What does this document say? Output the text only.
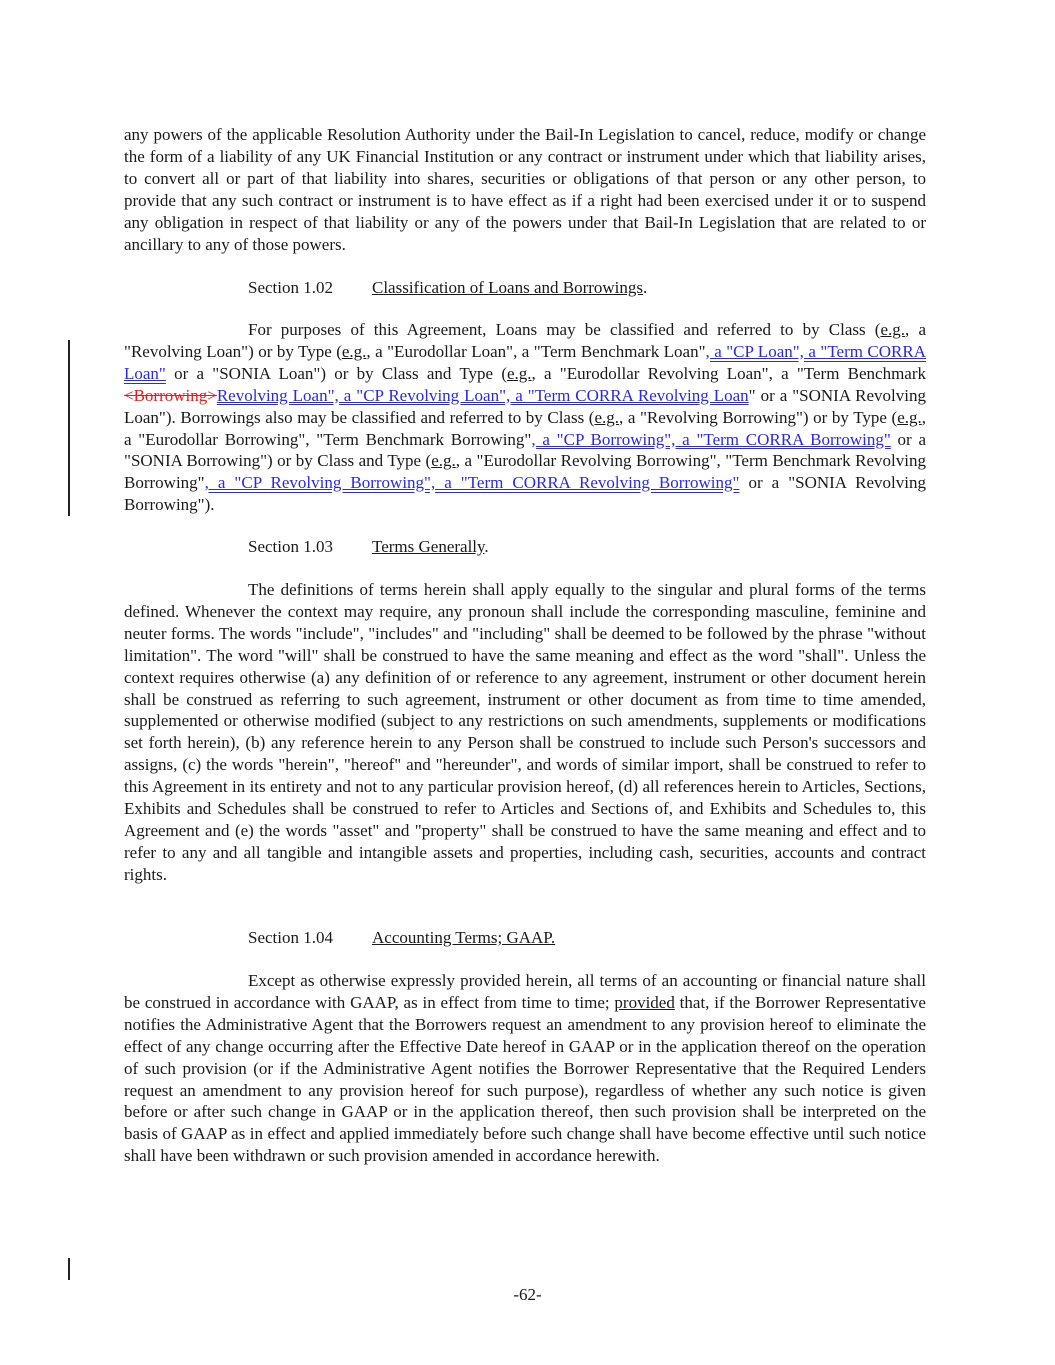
any powers of the applicable Resolution Authority under the Bail-In Legislation to cancel, reduce, modify or change the form of a liability of any UK Financial Institution or any contract or instrument under which that liability arises, to convert all or part of that liability into shares, securities or obligations of that person or any other person, to provide that any such contract or instrument is to have effect as if a right had been exercised under it or to suspend any obligation in respect of that liability or any of the powers under that Bail-In Legislation that are related to or ancillary to any of those powers.

Section 1.02 Classification of Loans and Borrowings.

For purposes of this Agreement, Loans may be classified and referred to by Class (e.g., a "Revolving Loan") or by Type (e.g., a "Eurodollar Loan", a "Term Benchmark Loan", a "CP Loan", a "Term CORRA Loan" or a "SONIA Loan") or by Class and Type (e.g., a "Eurodollar Revolving Loan", a "Term Benchmark <Borrowing>Revolving Loan", a "CP Revolving Loan", a "Term CORRA Revolving Loan" or a "SONIA Revolving Loan"). Borrowings also may be classified and referred to by Class (e.g., a "Revolving Borrowing") or by Type (e.g., a "Eurodollar Borrowing", "Term Benchmark Borrowing", a "CP Borrowing", a "Term CORRA Borrowing" or a "SONIA Borrowing") or by Class and Type (e.g., a "Eurodollar Revolving Borrowing", "Term Benchmark Revolving Borrowing", a "CP Revolving Borrowing", a "Term CORRA Revolving Borrowing" or a "SONIA Revolving Borrowing").

Section 1.03 Terms Generally.

The definitions of terms herein shall apply equally to the singular and plural forms of the terms defined. Whenever the context may require, any pronoun shall include the corresponding masculine, feminine and neuter forms. The words "include", "includes" and "including" shall be deemed to be followed by the phrase "without limitation". The word "will" shall be construed to have the same meaning and effect as the word "shall". Unless the context requires otherwise (a) any definition of or reference to any agreement, instrument or other document herein shall be construed as referring to such agreement, instrument or other document as from time to time amended, supplemented or otherwise modified (subject to any restrictions on such amendments, supplements or modifications set forth herein), (b) any reference herein to any Person shall be construed to include such Person's successors and assigns, (c) the words "herein", "hereof" and "hereunder", and words of similar import, shall be construed to refer to this Agreement in its entirety and not to any particular provision hereof, (d) all references herein to Articles, Sections, Exhibits and Schedules shall be construed to refer to Articles and Sections of, and Exhibits and Schedules to, this Agreement and (e) the words "asset" and "property" shall be construed to have the same meaning and effect and to refer to any and all tangible and intangible assets and properties, including cash, securities, accounts and contract rights.

Section 1.04 Accounting Terms; GAAP.

Except as otherwise expressly provided herein, all terms of an accounting or financial nature shall be construed in accordance with GAAP, as in effect from time to time; provided that, if the Borrower Representative notifies the Administrative Agent that the Borrowers request an amendment to any provision hereof to eliminate the effect of any change occurring after the Effective Date hereof in GAAP or in the application thereof on the operation of such provision (or if the Administrative Agent notifies the Borrower Representative that the Required Lenders request an amendment to any provision hereof for such purpose), regardless of whether any such notice is given before or after such change in GAAP or in the application thereof, then such provision shall be interpreted on the basis of GAAP as in effect and applied immediately before such change shall have become effective until such notice shall have been withdrawn or such provision amended in accordance herewith.

-62-
